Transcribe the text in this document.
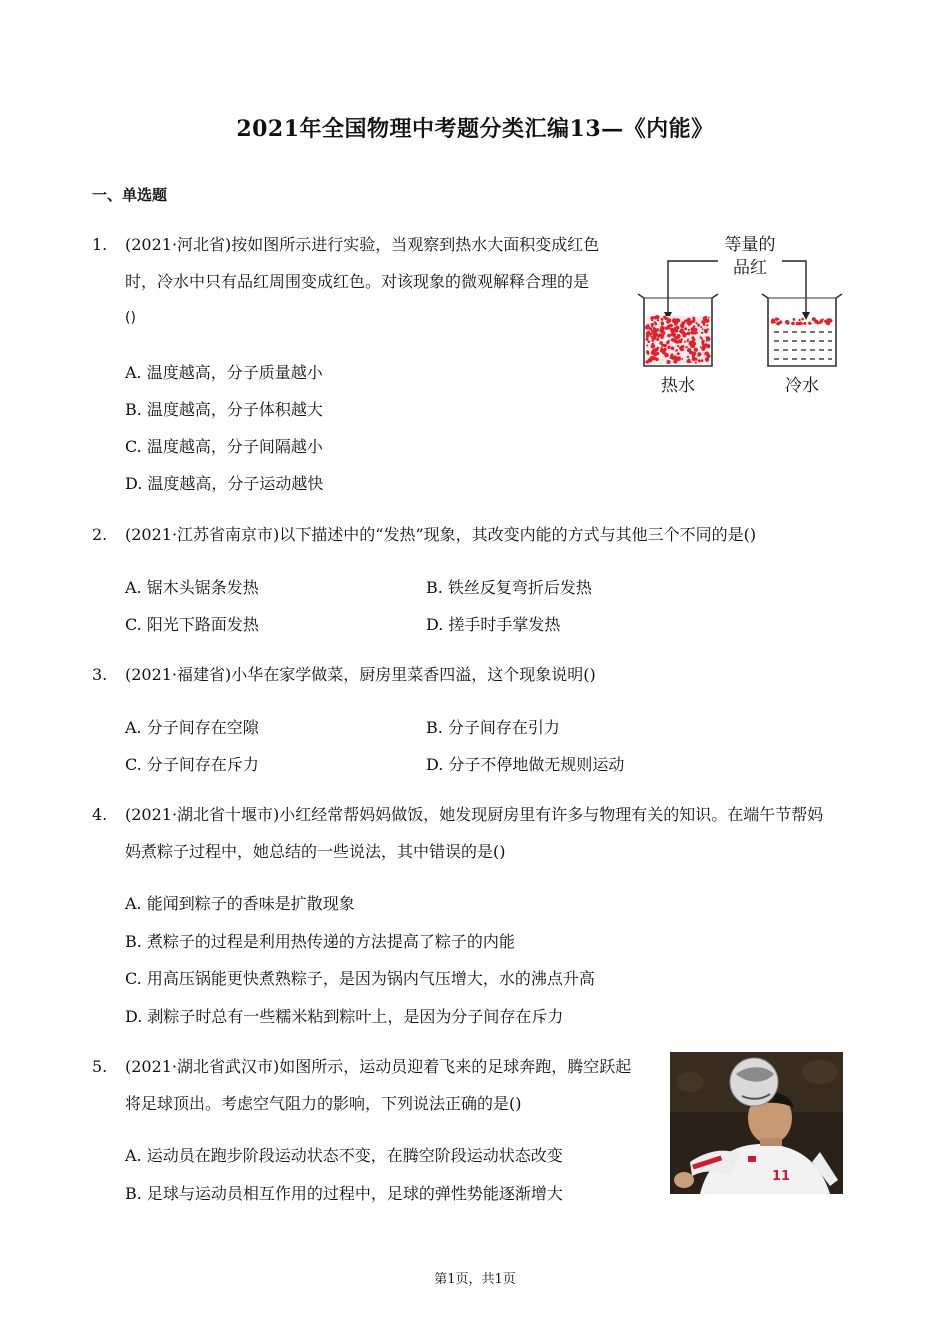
2021年全国物理中考题分类汇编13—《内能》
一、单选题
1. (2021·河北省)按如图所示进行实验，当观察到热水大面积变成红色
时，冷水中只有品红周围变成红色。对该现象的微观解释合理的是
()
A. 温度越高，分子质量越小
B. 温度越高，分子体积越大
C. 温度越高，分子间隔越小
D. 温度越高，分子运动越快
等量的
品红
热水	冷水
2. (2021·江苏省南京市)以下描述中的“发热”现象，其改变内能的方式与其他三个不同的是()
A. 锯木头锯条发热	B. 铁丝反复弯折后发热
C. 阳光下路面发热	D. 搓手时手掌发热
3. (2021·福建省)小华在家学做菜，厨房里菜香四溢，这个现象说明()
A. 分子间存在空隙	B. 分子间存在引力
C. 分子间存在斥力	D. 分子不停地做无规则运动
4. (2021·湖北省十堰市)小红经常帮妈妈做饭，她发现厨房里有许多与物理有关的知识。在端午节帮妈
妈煮粽子过程中，她总结的一些说法，其中错误的是()
A. 能闻到粽子的香味是扩散现象
B. 煮粽子的过程是利用热传递的方法提高了粽子的内能
C. 用高压锅能更快煮熟粽子，是因为锅内气压增大，水的沸点升高
D. 剥粽子时总有一些糯米粘到粽叶上，是因为分子间存在斥力
5. (2021·湖北省武汉市)如图所示，运动员迎着飞来的足球奔跑，腾空跃起
将足球顶出。考虑空气阻力的影响，下列说法正确的是()
A. 运动员在跑步阶段运动状态不变，在腾空阶段运动状态改变
B. 足球与运动员相互作用的过程中，足球的弹性势能逐渐增大
11
第1页，共1页
